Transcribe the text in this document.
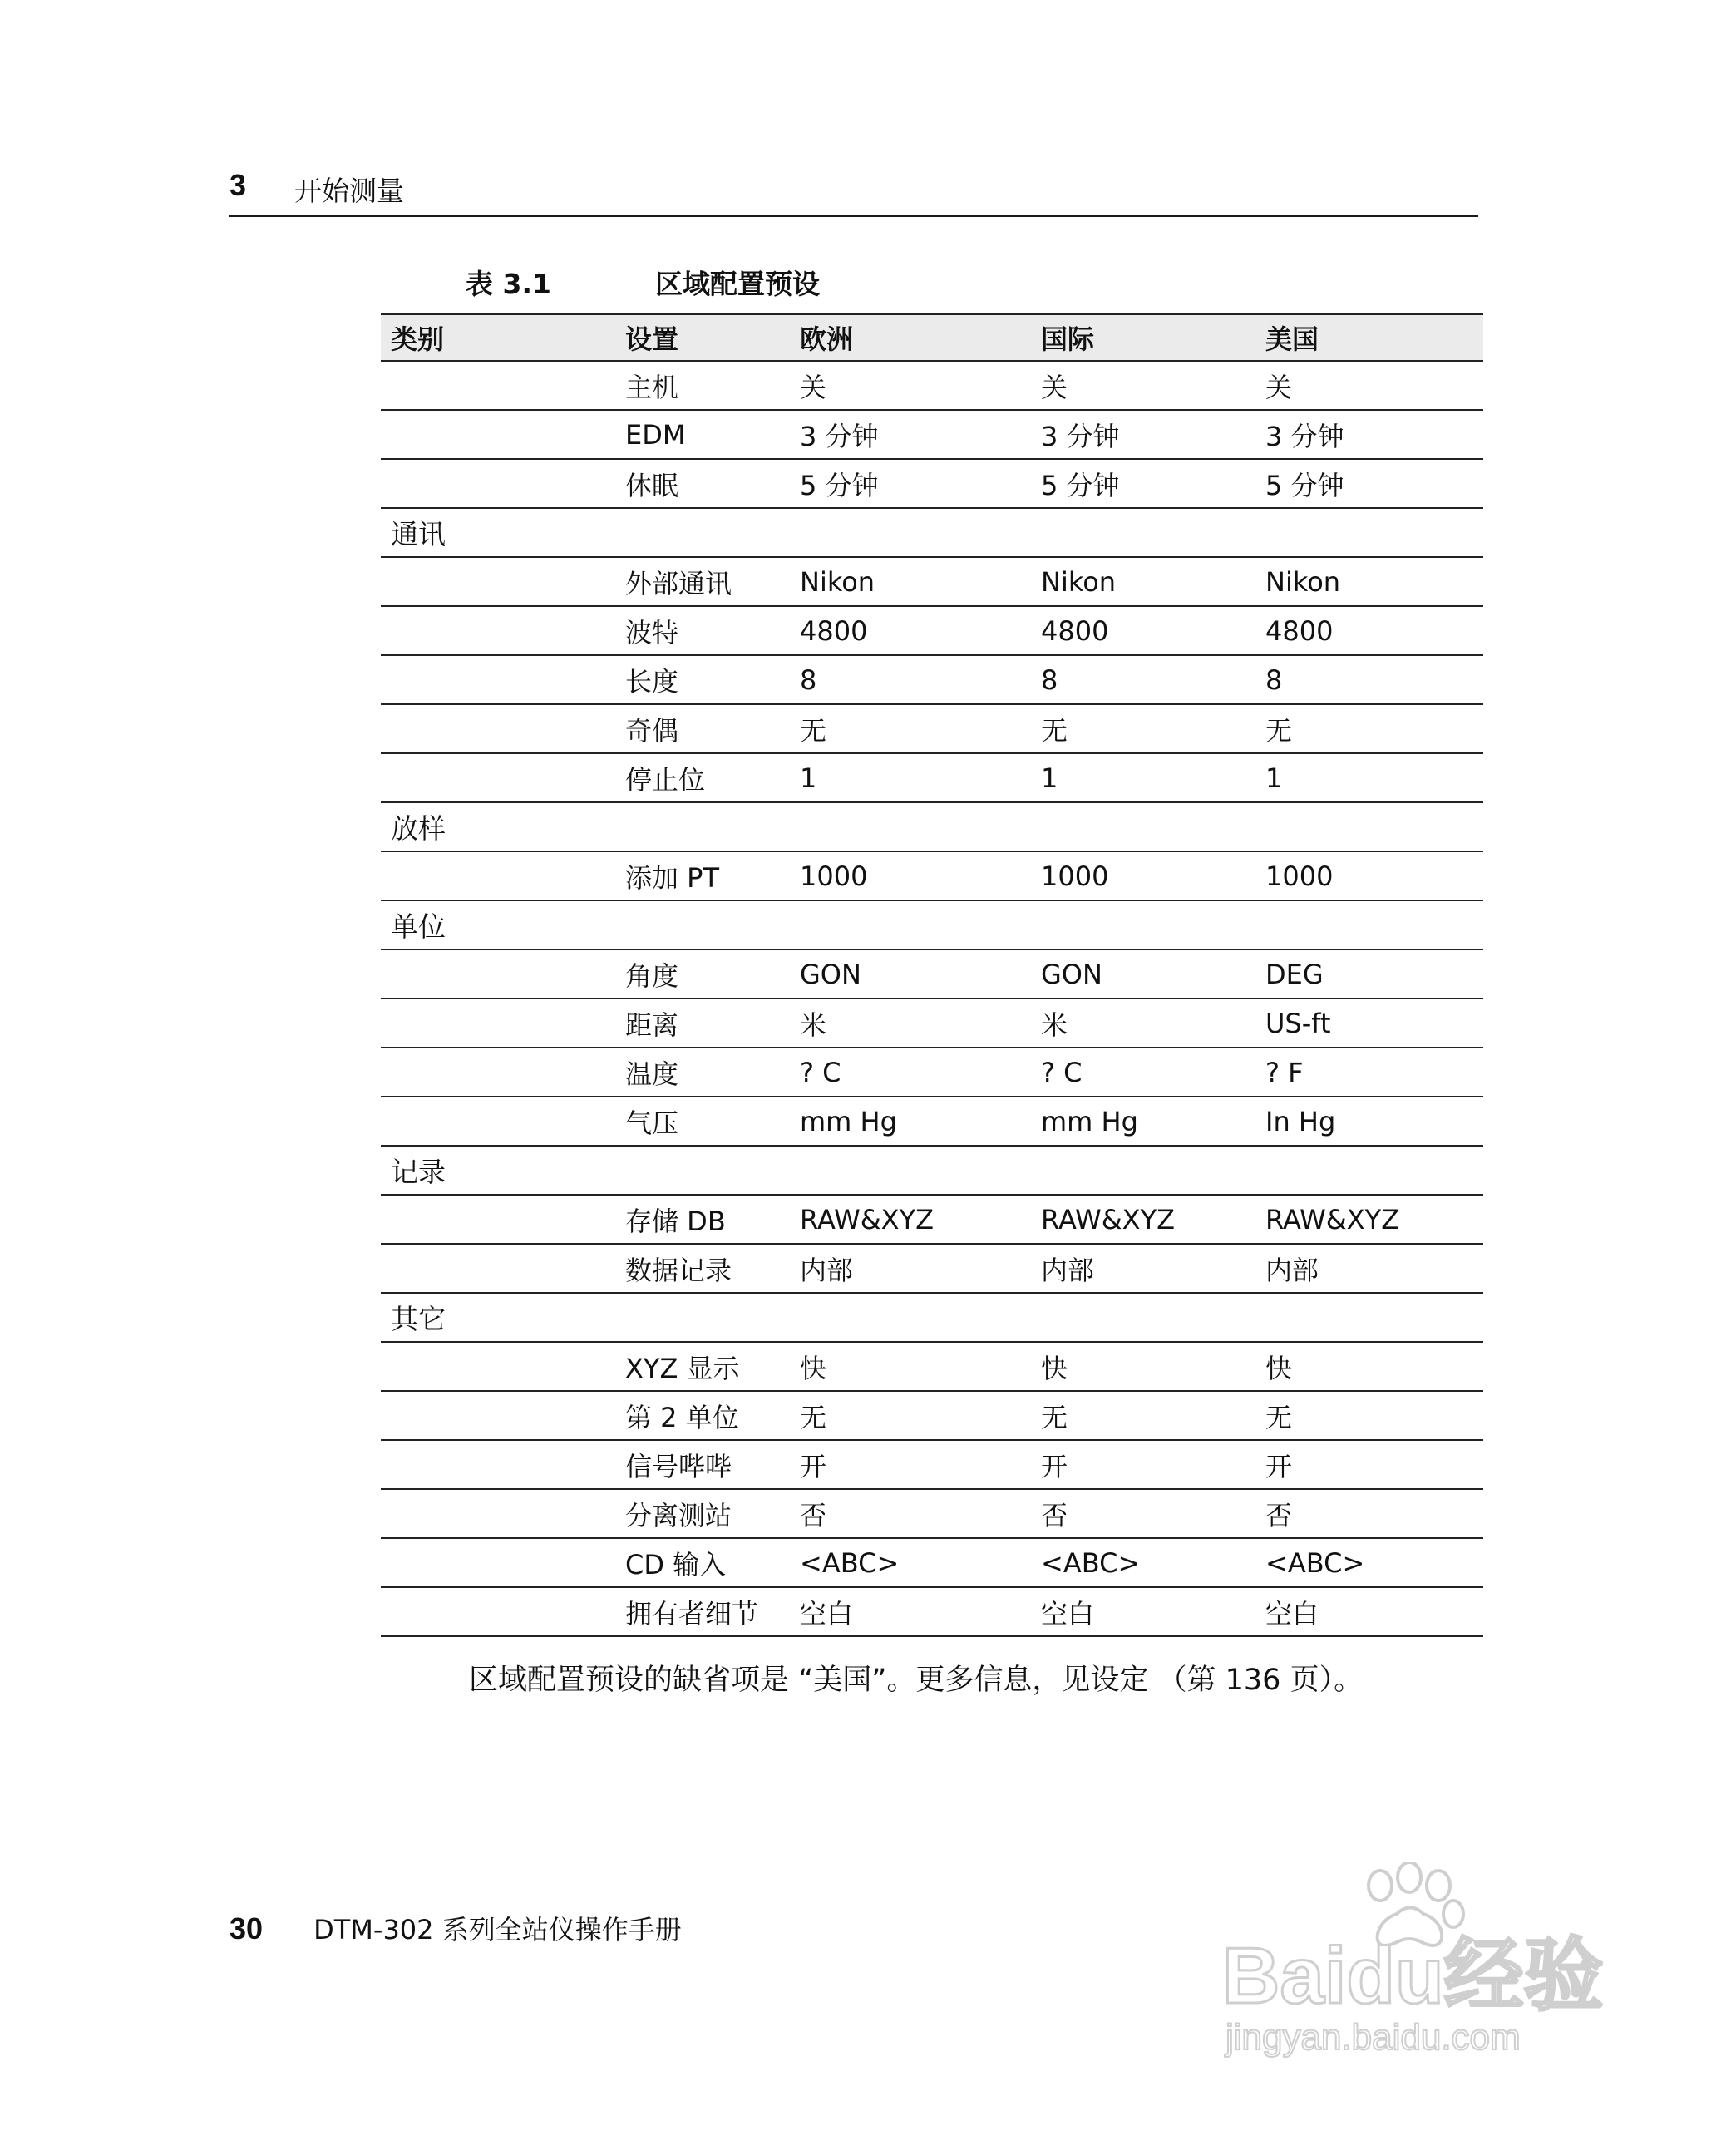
3 开始测量
表 3.1	区域配置预设
类别	设置	欧洲	国际	美国
	主机	关	关	关
	EDM	3 分钟	3 分钟	3 分钟
	休眠	5 分钟	5 分钟	5 分钟
通讯				
	外部通讯	Nikon	Nikon	Nikon
	波特	4800	4800	4800
	长度	8	8	8
	奇偶	无	无	无
	停止位	1	1	1
放样				
	添加 PT	1000	1000	1000
单位				
	角度	GON	GON	DEG
	距离	米	米	US-ft
	温度	? C	? C	? F
	气压	mm Hg	mm Hg	In Hg
记录				
	存储 DB	RAW&XYZ	RAW&XYZ	RAW&XYZ
	数据记录	内部	内部	内部
其它				
	XYZ 显示	快	快	快
	第 2 单位	无	无	无
	信号哔哔	开	开	开
	分离测站	否	否	否
	CD 输入	<ABC>	<ABC>	<ABC>
	拥有者细节	空白	空白	空白
区域配置预设的缺省项是 “美国”。更多信息，见设定 （第 136 页）。
30 DTM-302 系列全站仪操作手册
Baidu经验
jingyan.baidu.com
